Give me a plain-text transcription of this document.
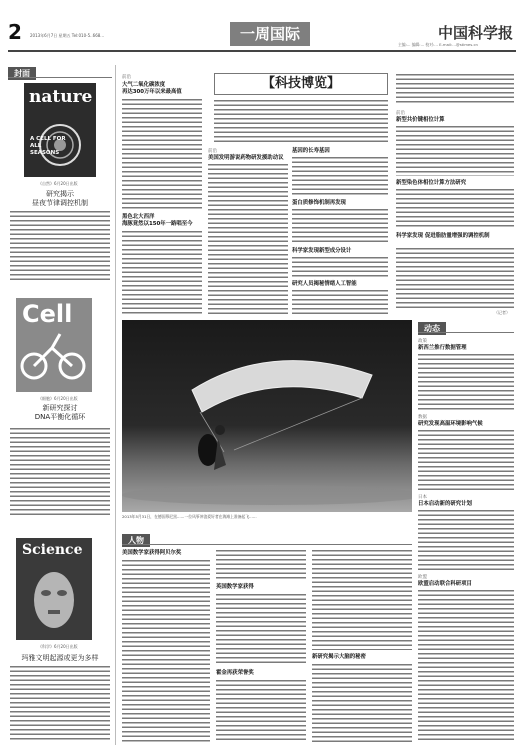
2 2013年6月7日 星期五 Tel:010-5..668...	一周国际	中国科学报
主编:... 编辑:... 校对:... E-mail:...@stimes.cn
封面
nature
A CELL FOR ALL SEASONS
《自然》6月20日出版
研究揭示
昼夜节律调控机制
Cell
《细胞》6月20日出版
新研究探讨
DNA平衡化循环
Science
《科学》6月20日出版
玛雅文明起源或更为多样
前沿
大气二氧化碳浓度
再达300万年以来最高值
黑色北大西洋
海豚竟然以150年一路唱至今
前沿
美国发明游说药物研发援助动议
【科技博览】
基因的长寿基因
蛋白质修饰机制再发现
科学家发现新型成分设计
研究人员揭秘情绪人工智能
前沿
新型共价键相位计算
新型染色体相位计算方法研究
科学家发现 促进脂肪量增强的调控机制
（记者）
2013年5月31日，在德国慕尼黑……一位风筝冲浪爱好者在海滩上准备起飞……
动态
政策
新西兰推行数据管理
数据
研究发现高温环境影响气候
日本
日本启动新的研究计划
欧盟
欧盟启动联合科研项目
人物
美国数学家获得阿贝尔奖
英国数学家获得
霍金再获荣誉奖
新研究揭示大脑的秘密
